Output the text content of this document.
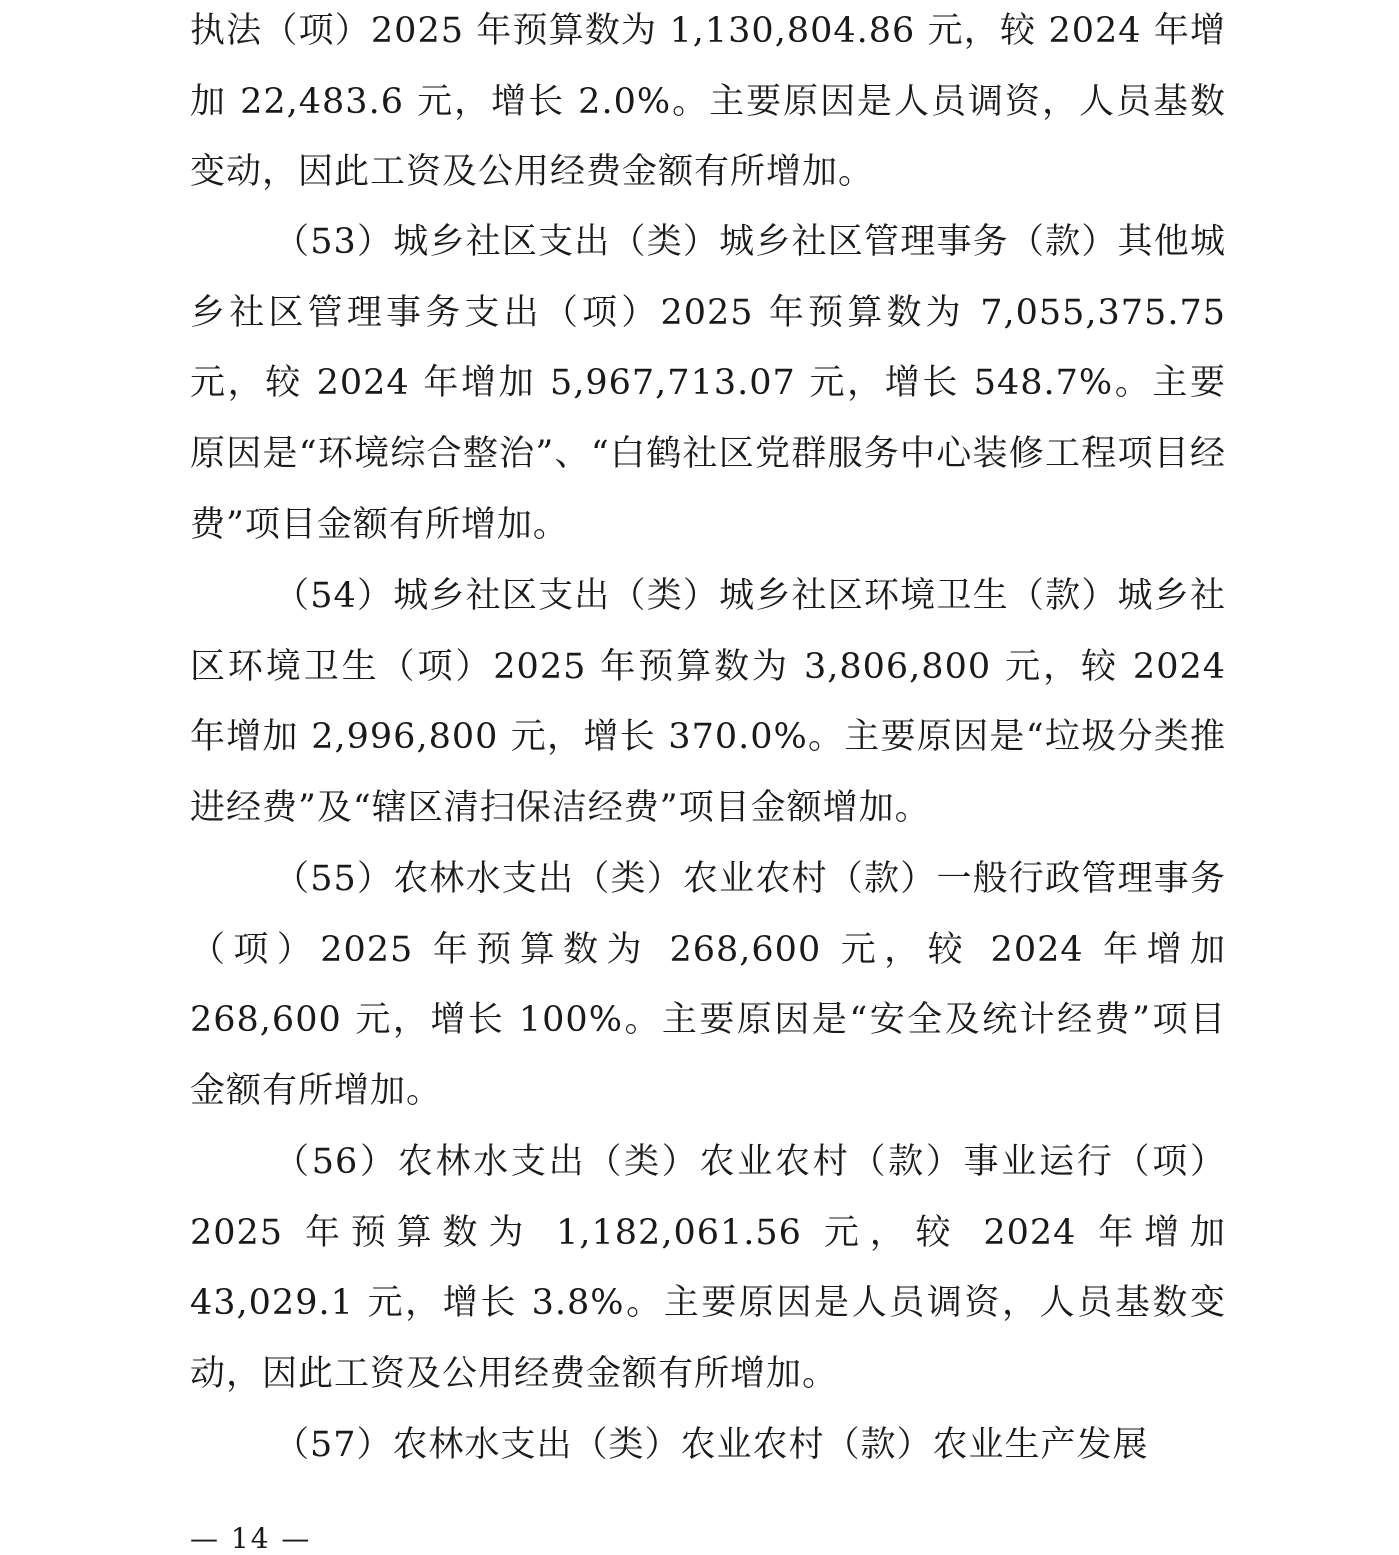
执法（项）2025 年预算数为 1,130,804.86 元，较 2024 年增加 22,483.6 元，增长 2.0%。主要原因是人员调资，人员基数变动，因此工资及公用经费金额有所增加。

（53）城乡社区支出（类）城乡社区管理事务（款）其他城乡社区管理事务支出（项）2025 年预算数为 7,055,375.75 元，较 2024 年增加 5,967,713.07 元，增长 548.7%。主要原因是“环境综合整治”、“白鹤社区党群服务中心装修工程项目经费”项目金额有所增加。

（54）城乡社区支出（类）城乡社区环境卫生（款）城乡社区环境卫生（项）2025 年预算数为 3,806,800 元，较 2024 年增加 2,996,800 元，增长 370.0%。主要原因是“垃圾分类推进经费”及“辖区清扫保洁经费”项目金额增加。

（55）农林水支出（类）农业农村（款）一般行政管理事务（项）2025 年预算数为 268,600 元，较 2024 年增加 268,600 元，增长 100%。主要原因是“安全及统计经费”项目金额有所增加。

（56）农林水支出（类）农业农村（款）事业运行（项）2025 年预算数为 1,182,061.56 元，较 2024 年增加 43,029.1 元，增长 3.8%。主要原因是人员调资，人员基数变动，因此工资及公用经费金额有所增加。

（57）农林水支出（类）农业农村（款）农业生产发展

— 14 —
